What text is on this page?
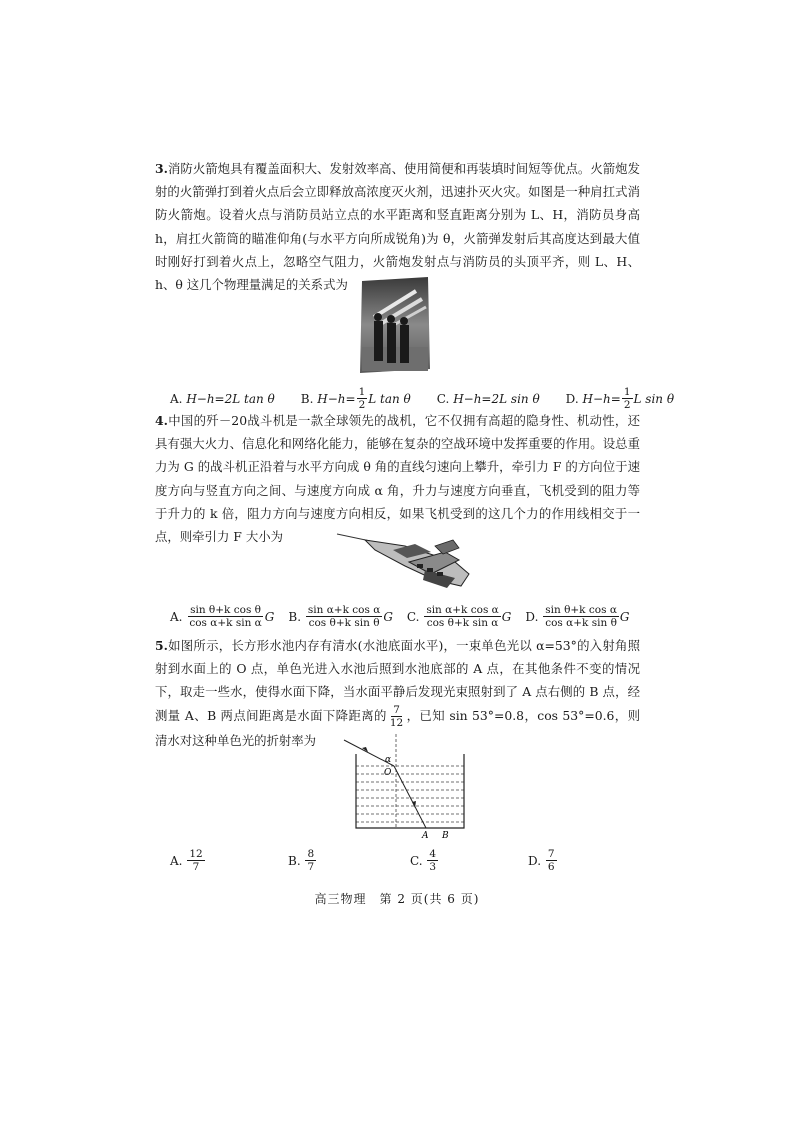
3.消防火箭炮具有覆盖面积大、发射效率高、使用简便和再装填时间短等优点。火箭炮发射的火箭弹打到着火点后会立即释放高浓度灭火剂，迅速扑灭火灾。如图是一种肩扛式消防火箭炮。设着火点与消防员站立点的水平距离和竖直距离分别为 L、H，消防员身高 h，肩扛火箭筒的瞄准仰角(与水平方向所成锐角)为 θ，火箭弹发射后其高度达到最大值时刚好打到着火点上，忽略空气阻力，火箭炮发射点与消防员的头顶平齐，则 L、H、h、θ 这几个物理量满足的关系式为
A.
H−h=2L tan θ B.
$H-h= \frac{1}{2}$ L tan θ C.
H−h=2L sin θ D.
$H-h= \frac{1}{2}$ L sin θ
4.中国的歼－20战斗机是一款全球领先的战机，它不仅拥有高超的隐身性、机动性，还具有强大火力、信息化和网络化能力，能够在复杂的空战环境中发挥重要的作用。设总重力为 G 的战斗机正沿着与水平方向成 θ 角的直线匀速向上攀升，牵引力 F 的方向位于速度方向与竖直方向之间、与速度方向成 α 角，升力与速度方向垂直，飞机受到的阻力等于升力的 k 倍，阻力方向与速度方向相反，如果飞机受到的这几个力的作用线相交于一点，则牵引力 F 大小为
A.
$\frac{\text{sin θ+k cos θ}}{\text{cos α+k sin α}}$ G B.
$\frac{\text{sin α+k cos α}}{\text{cos θ+k sin θ}}$ G C.
$\frac{\text{sin α+k cos α}}{\text{cos θ+k sin α}}$ G D.
$\frac{\text{sin θ+k cos α}}{\text{cos α+k sin θ}}$ G
5.如图所示，长方形水池内存有清水(水池底面水平)，一束单色光以 α=53°的入射角照射到水面上的 O 点，单色光进入水池后照到水池底部的 A 点，在其他条件不变的情况下，取走一些水，使得水面下降，当水面平静后发现光束照射到了 A 点右侧的 B 点，经测量 A、B 两点间距离是水面下降距离的 $\frac{7}{12}$ ，已知 sin 53°=0.8，cos 53°=0.6，则清水对这种单色光的折射率为
α
O
A B
A.
$\frac{12}{7}$	B.
$\frac{8}{7}$	C.
$\frac{4}{3}$	D.
$\frac{7}{6}$
高三物理　第 2 页(共 6 页)
